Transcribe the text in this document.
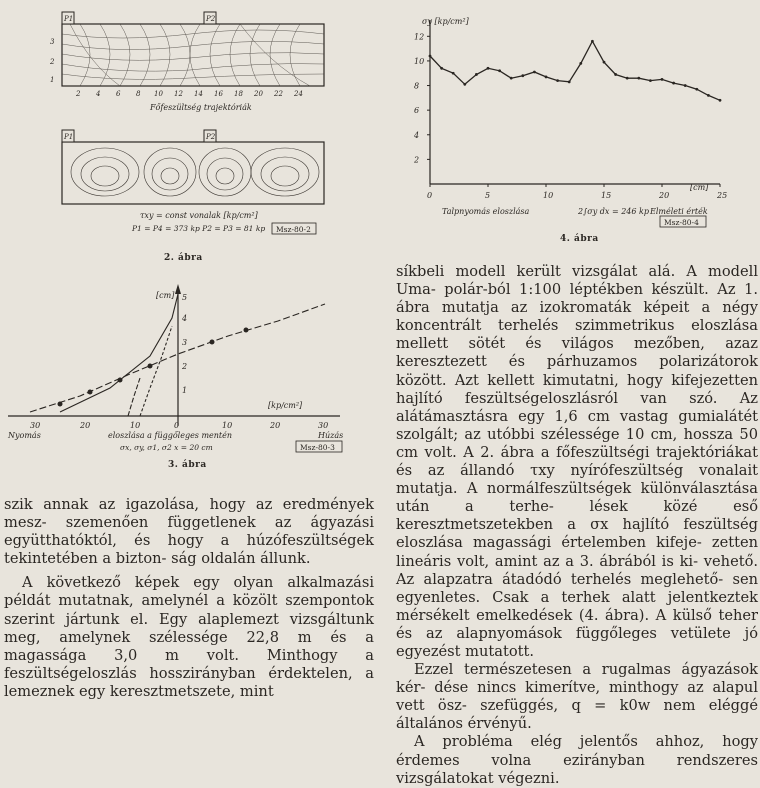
P1	P2
1
2
3
2 4 6 8 10 12 14 16 18 20 22 24
Főfeszültség trajektóriák
P1	P2
τxy = const vonalak [kp/cm²]
P1 = P4 = 373 kp P2 = P3 = 81 kp Msz-80-2
2. ábra
[cm]
[kp/cm²]
30	20	10	0	10	20	30
1
2
3
4
5
Nyomás	Húzás
eloszlása a függőleges mentén
σx, σy, σ1, σ2 x = 20 cm	Msz-80-3
3. ábra

szik annak az igazolása, hogy az eredmények mesz- szemenően függetlenek az ágyazási együtthatóktól, és hogy a húzófeszültségek tekintetében a bizton- ság oldalán állunk.

A következő képek egy olyan alkalmazási példát mutatnak, amelynél a közölt szempontok szerint jártunk el. Egy alaplemezt vizsgáltunk meg, amelynek szélessége 22,8 m és a magassága 3,0 m volt. Minthogy a feszültségeloszlás hosszirányban érdektelen, a lemeznek egy keresztmetszete, mint

σy [kp/cm²]
[cm]
Talpnyomás eloszlása	2∫σy dx = 246 kp Elméleti érték
Msz-80-4
2
4
6
8
10
12
0	5	10	15	20	25
4. ábra

síkbeli modell került vizsgálat alá. A modell Uma- polár-ból 1:100 léptékben készült. Az 1. ábra mutatja az izokromaták képeit a négy koncentrált terhelés szimmetrikus eloszlása mellett sötét és világos mezőben, azaz keresztezett és párhuzamos polarizátorok között. Azt kellett kimutatni, hogy kifejezetten hajlító feszültségeloszlásról van szó. Az alátámasztásra egy 1,6 cm vastag gumialátét szolgált; az utóbbi szélessége 10 cm, hossza 50 cm volt. A 2. ábra a főfeszültségi trajektóriákat és az állandó τxy nyírófeszültség vonalait mutatja. A normálfeszültségek különválasztása után a terhe- lések közé eső keresztmetszetekben a σx hajlító feszültség eloszlása magassági értelemben kifeje- zetten lineáris volt, amint az a 3. ábrából is ki- vehető. Az alapzatra átadódó terhelés meglehető- sen egyenletes. Csak a terhek alatt jelentkeztek mérsékelt emelkedések (4. ábra). A külső teher és az alapnyomások függőleges vetülete jó egyezést mutatott.

Ezzel természetesen a rugalmas ágyazások kér- dése nincs kimerítve, minthogy az alapul vett ösz- szefüggés, q = k0w nem eléggé általános érvényű.

A probléma elég jelentős ahhoz, hogy érdemes volna ezirányban rendszeres vizsgálatokat végezni.
